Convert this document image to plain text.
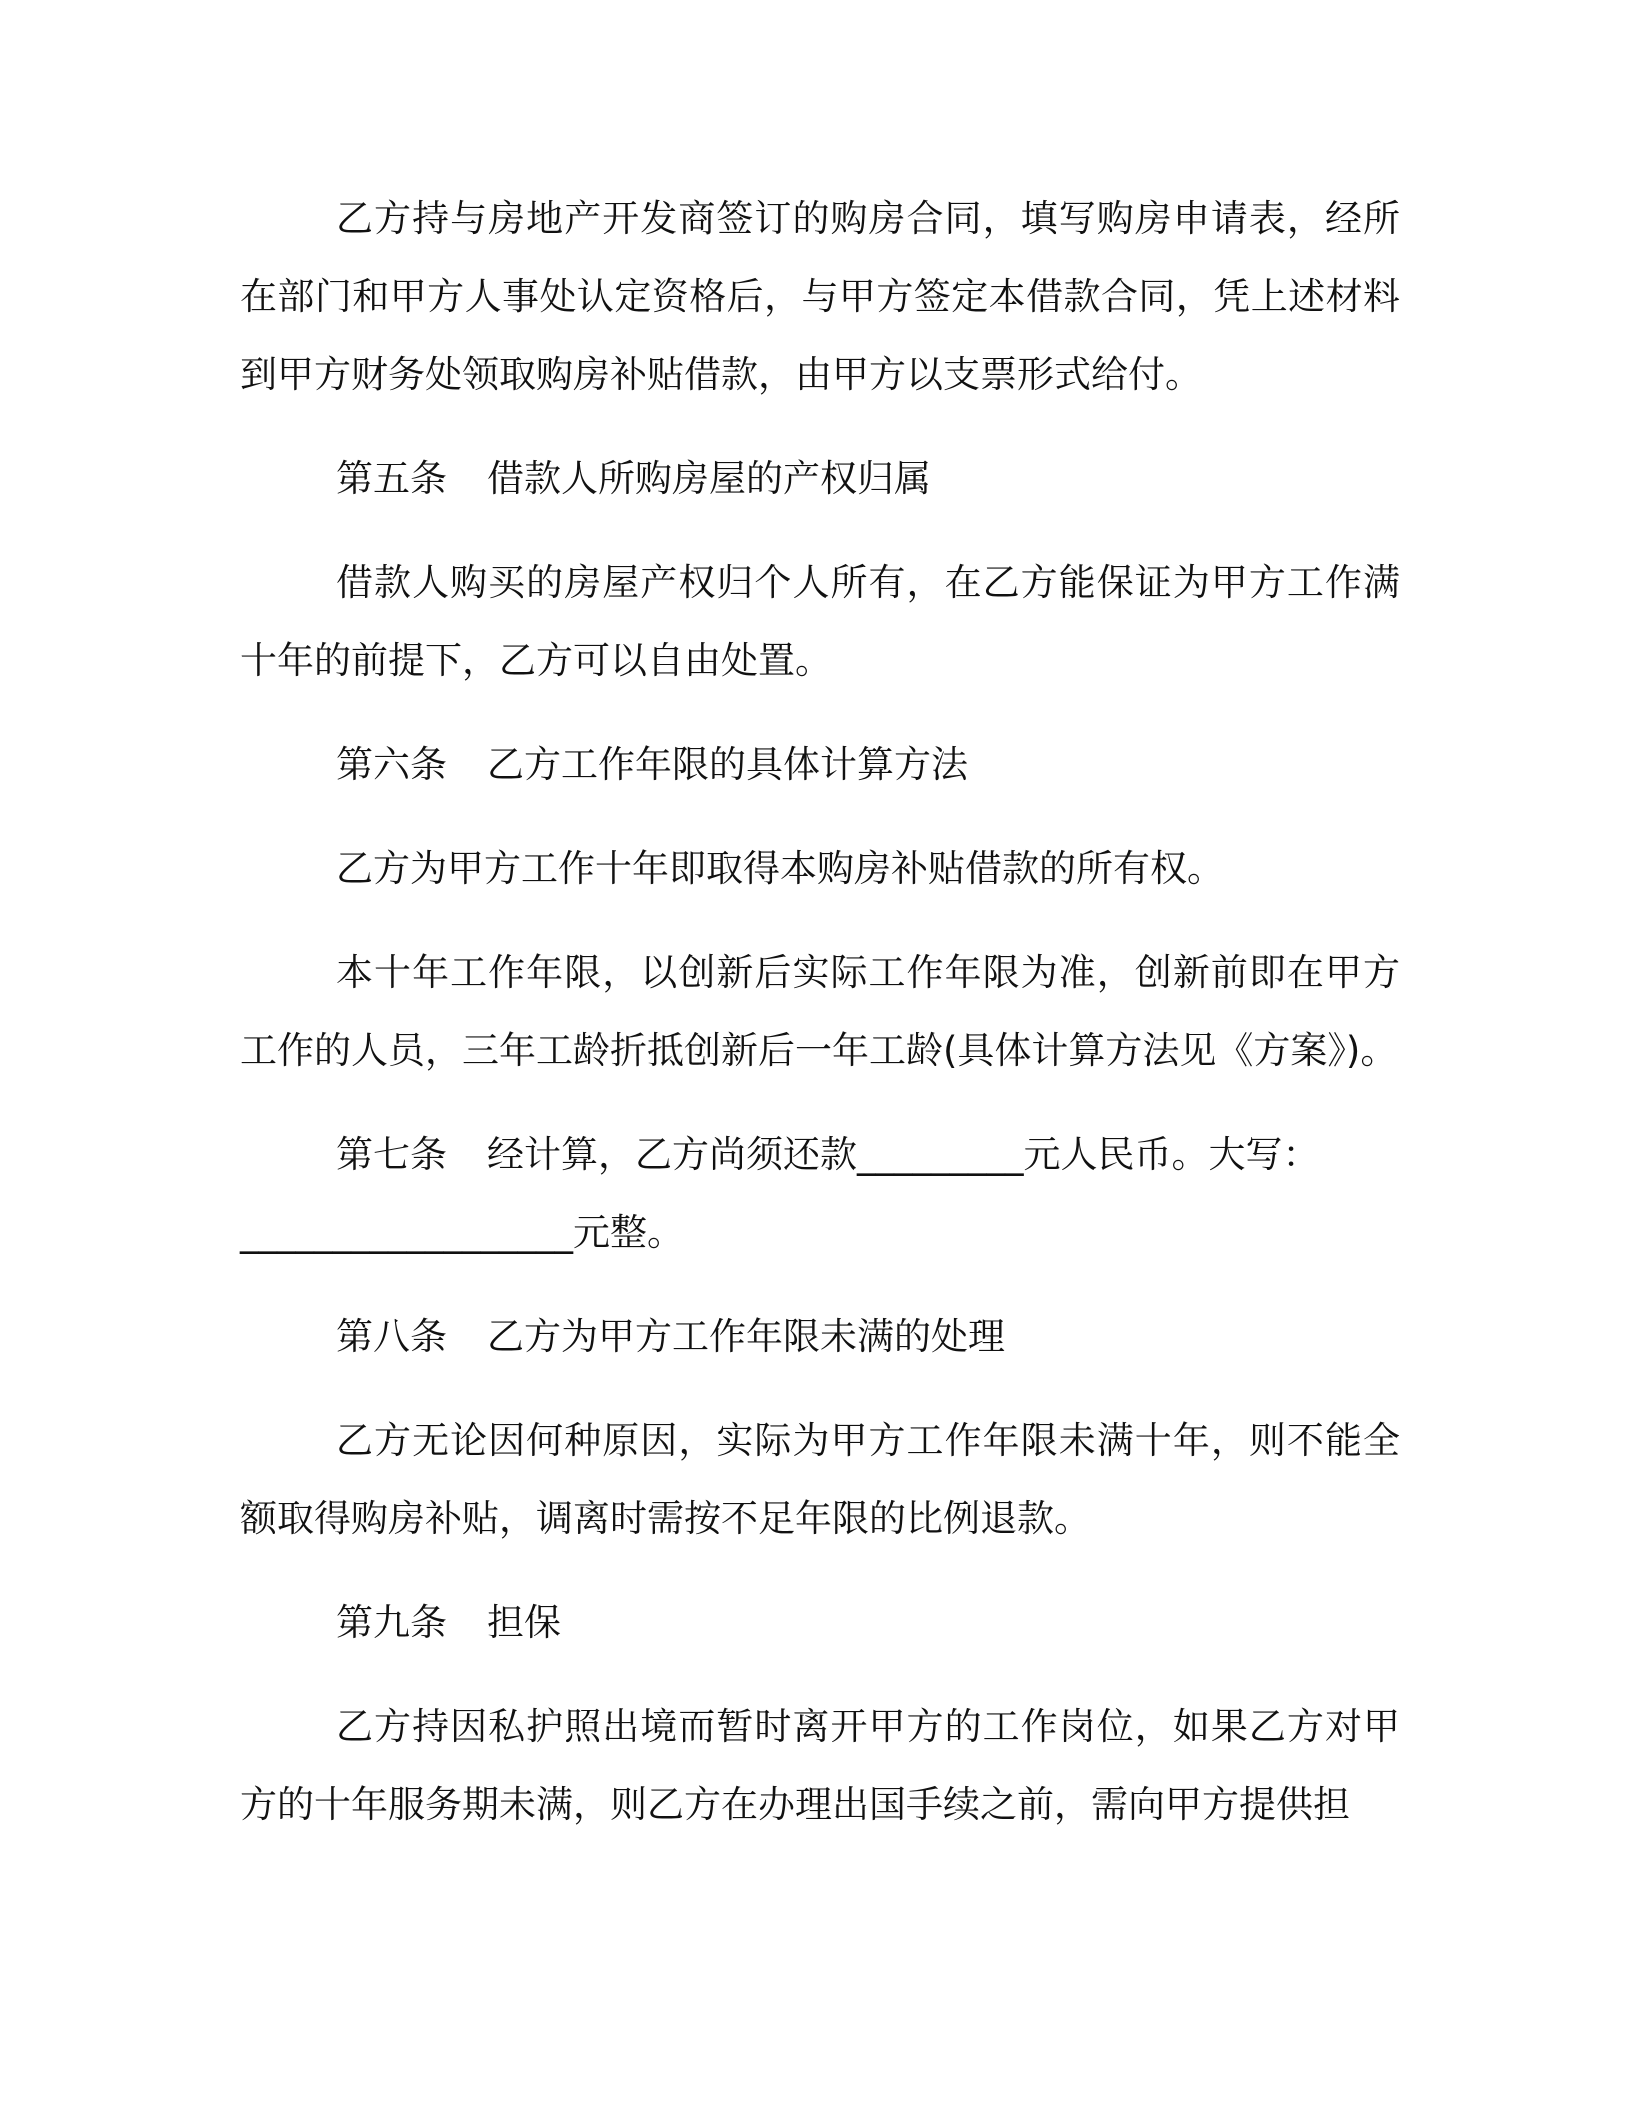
乙方持与房地产开发商签订的购房合同，填写购房申请表，经所在部门和甲方人事处认定资格后，与甲方签定本借款合同，凭上述材料到甲方财务处领取购房补贴借款，由甲方以支票形式给付。

第五条 借款人所购房屋的产权归属

借款人购买的房屋产权归个人所有，在乙方能保证为甲方工作满十年的前提下，乙方可以自由处置。

第六条 乙方工作年限的具体计算方法

乙方为甲方工作十年即取得本购房补贴借款的所有权。

本十年工作年限，以创新后实际工作年限为准，创新前即在甲方工作的人员，三年工龄折抵创新后一年工龄(具体计算方法见《方案》)。

第七条 经计算，乙方尚须还款_________元人民币。大写：
__________________元整。

第八条 乙方为甲方工作年限未满的处理

乙方无论因何种原因，实际为甲方工作年限未满十年，则不能全额取得购房补贴，调离时需按不足年限的比例退款。

第九条 担保

乙方持因私护照出境而暂时离开甲方的工作岗位，如果乙方对甲方的十年服务期未满，则乙方在办理出国手续之前，需向甲方提供担
